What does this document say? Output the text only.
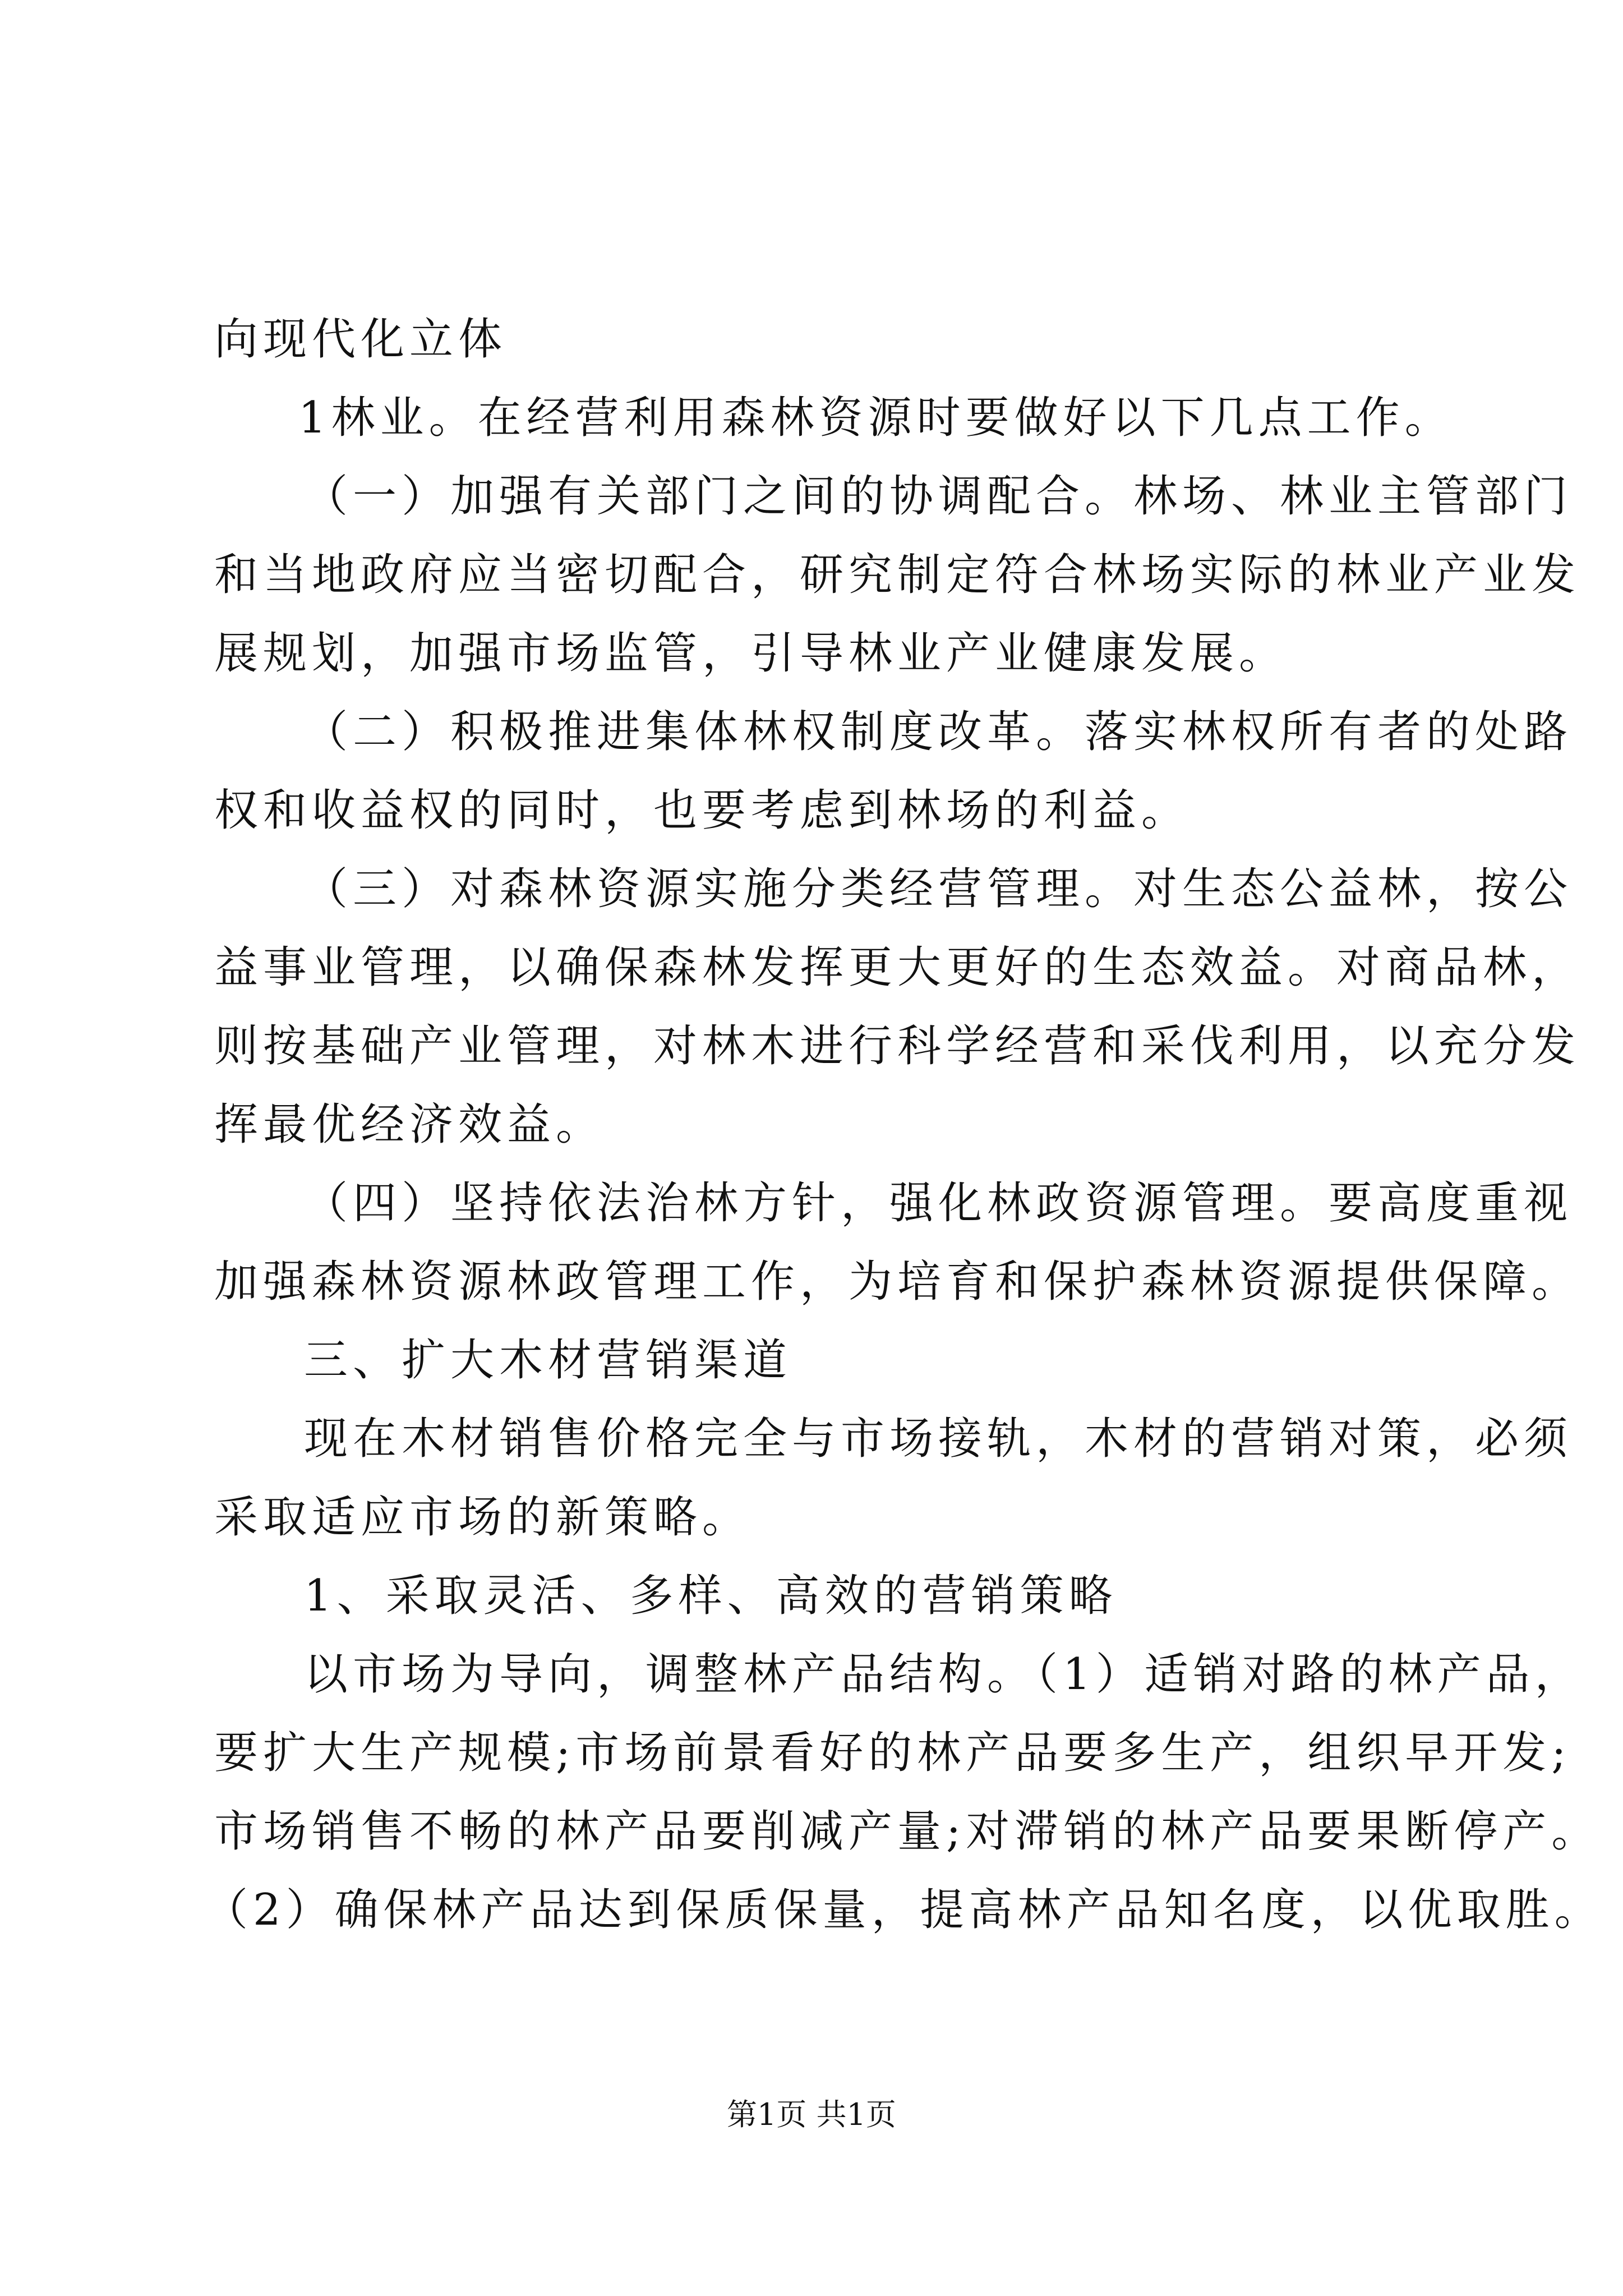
向现代化立体
1林业。在经营利用森林资源时要做好以下几点工作。
（一）加强有关部门之间的协调配合。林场、林业主管部门
和当地政府应当密切配合，研究制定符合林场实际的林业产业发
展规划，加强市场监管，引导林业产业健康发展。
（二）积极推进集体林权制度改革。落实林权所有者的处路
权和收益权的同时，也要考虑到林场的利益。
（三）对森林资源实施分类经营管理。对生态公益林，按公
益事业管理，以确保森林发挥更大更好的生态效益。对商品林，
则按基础产业管理，对林木进行科学经营和采伐利用，以充分发
挥最优经济效益。
（四）坚持依法治林方针，强化林政资源管理。要高度重视
加强森林资源林政管理工作，为培育和保护森林资源提供保障。
三、扩大木材营销渠道
现在木材销售价格完全与市场接轨，木材的营销对策，必须
采取适应市场的新策略。
1、采取灵活、多样、高效的营销策略
以市场为导向，调整林产品结构。（1）适销对路的林产品，
要扩大生产规模;市场前景看好的林产品要多生产，组织早开发;
市场销售不畅的林产品要削减产量;对滞销的林产品要果断停产。
（2）确保林产品达到保质保量，提高林产品知名度，以优取胜。
第1页 共1页
